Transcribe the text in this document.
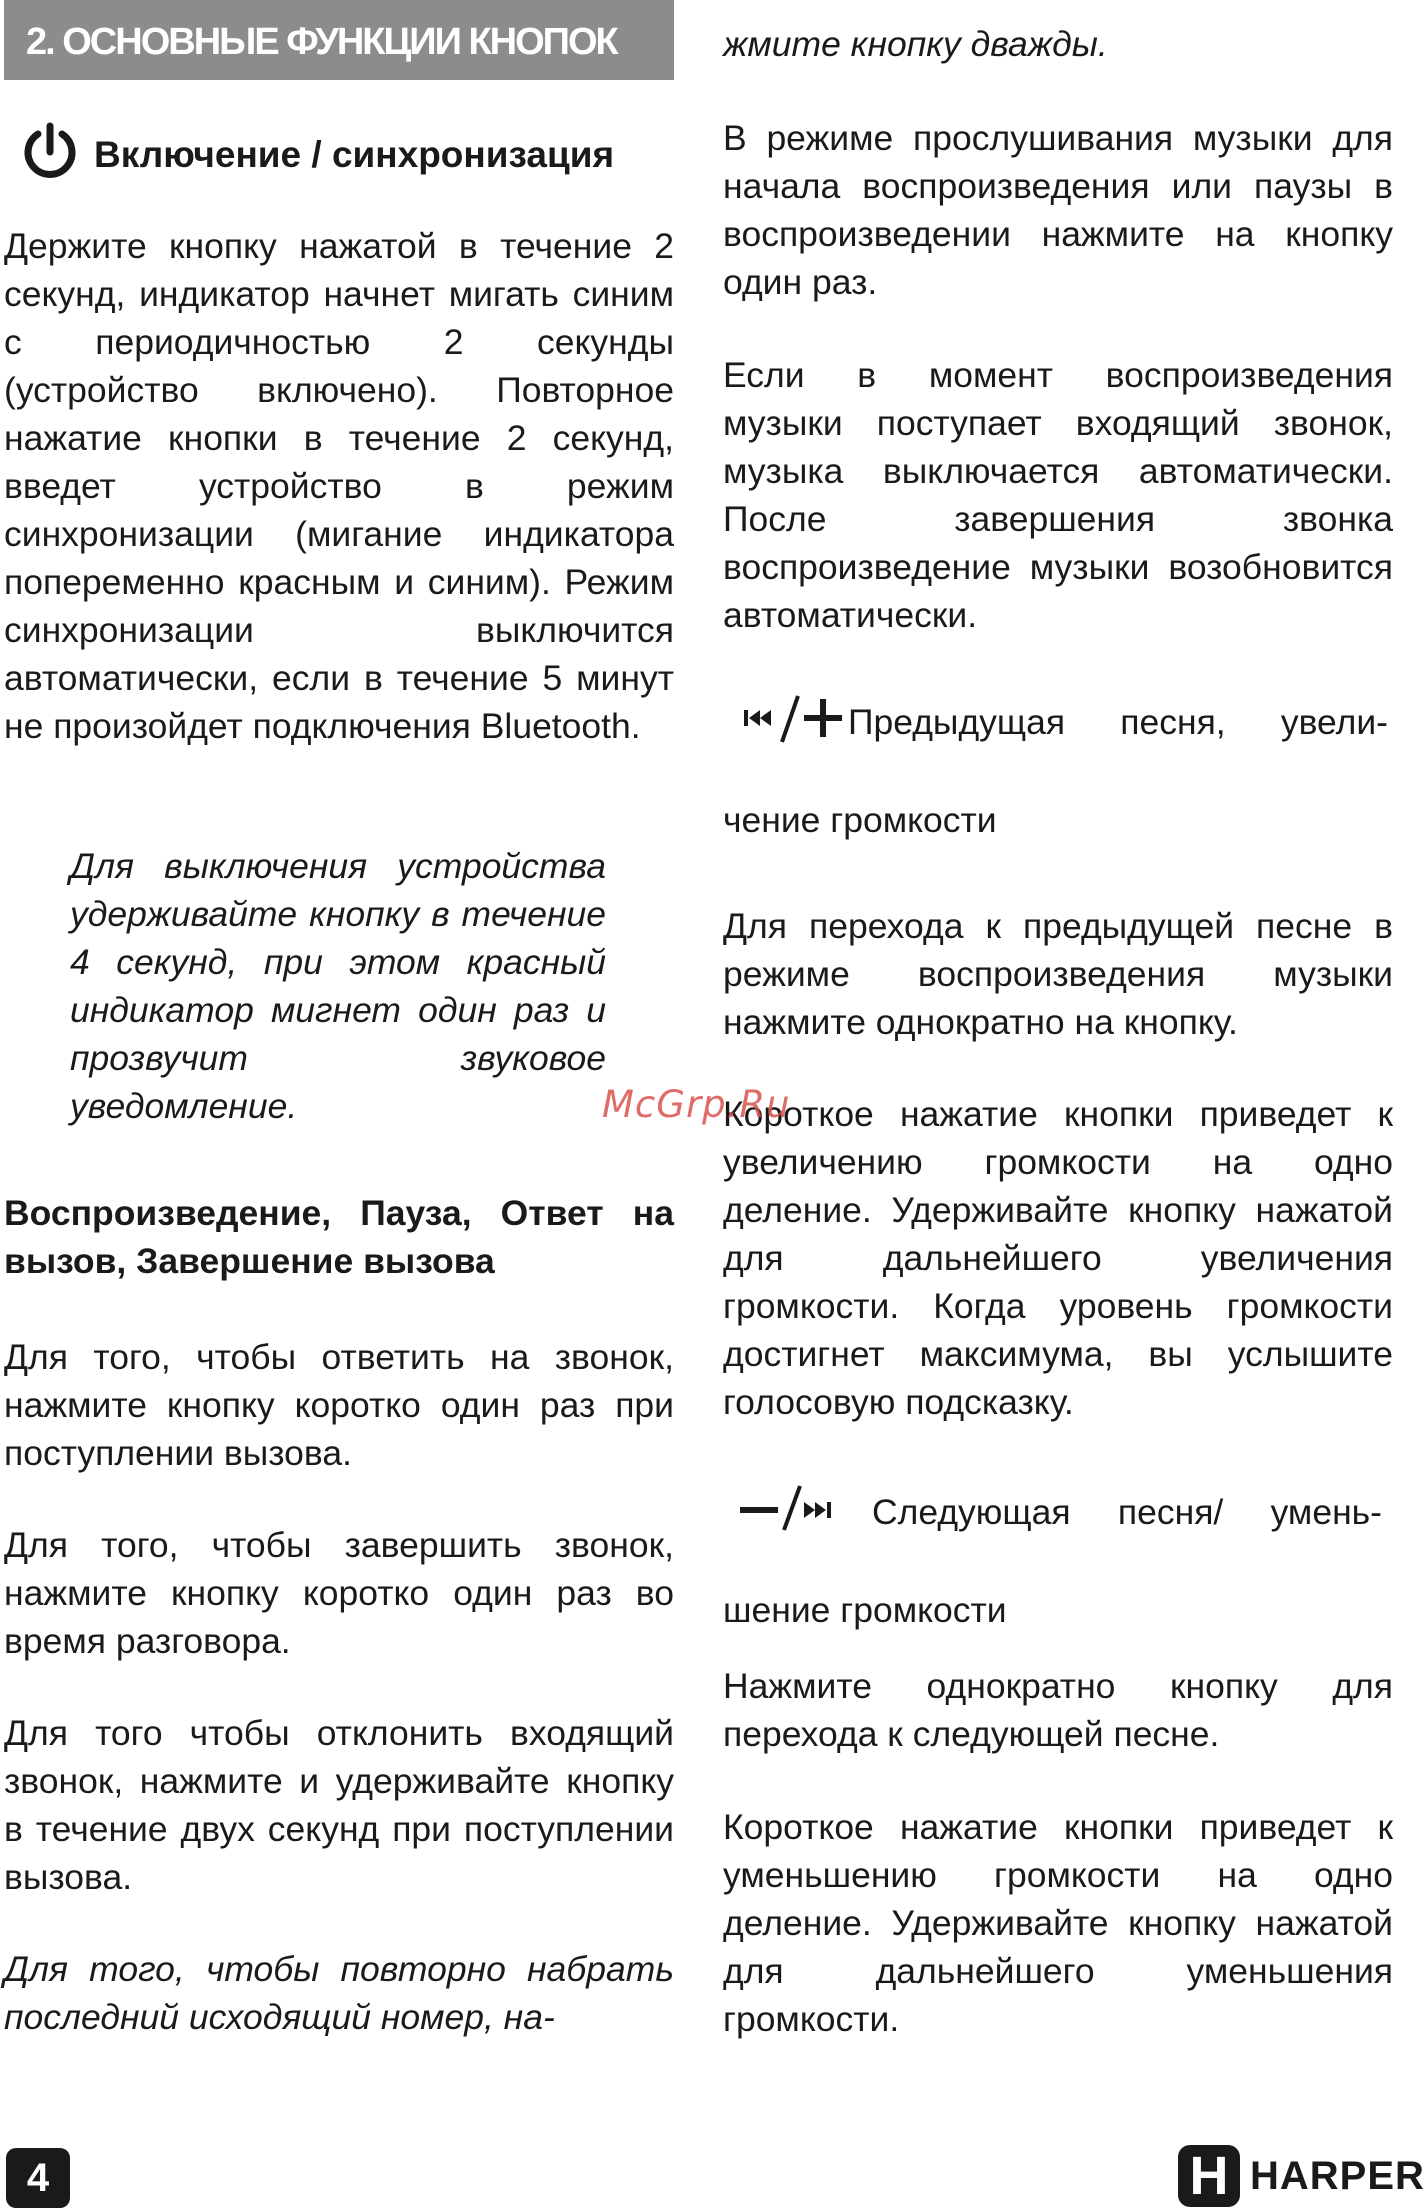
2. ОСНОВНЫЕ ФУНКЦИИ КНОПОК
Включение / синхронизация

Держите кнопку нажатой в течение 2 секунд, индикатор начнет мигать синим с периодичностью 2 секунды (устройство включено). Повторное нажатие кнопки в течение 2 секунд, введет устройство в режим синхронизации (мигание индикатора попеременно красным и синим). Режим синхронизации выключится автоматически, если в течение 5 минут не произойдет подключения Bluetooth.

Для выключения устройства удерживайте кнопку в течение 4 секунд, при этом красный индикатор мигнет один раз и прозвучит звуковое уведомление.

Воспроизведение, Пауза, Ответ на вызов, Завершение вызова

Для того, чтобы ответить на звонок, нажмите кнопку коротко один раз при поступлении вызова.

Для того, чтобы завершить звонок, нажмите кнопку коротко один раз во время разговора.

Для того чтобы отклонить входящий звонок, нажмите и удерживайте кнопку в течение двух секунд при поступлении вызова.

Для того, чтобы повторно набрать последний исходящий номер, на-

жмите кнопку дважды.

В режиме прослушивания музыки для начала воспроизведения или паузы в воспроизведении нажмите на кнопку один раз.

Если в момент воспроизведения музыки поступает входящий звонок, музыка выключается автоматически. После завершения звонка воспроизведение музыки возобновится автоматически.

Предыдущая песня, увели-

чение громкости

Для перехода к предыдущей песне в режиме воспроизведения музыки нажмите однократно на кнопку.

Короткое нажатие кнопки приведет к увеличению громкости на одно деление. Удерживайте кнопку нажатой для дальнейшего увеличения громкости. Когда уровень громкости достигнет максимума, вы услышите голосовую подсказку.

Следующая песня/ умень-

шение громкости

Нажмите однократно кнопку для перехода к следующей песне.

Короткое нажатие кнопки приведет к уменьшению громкости на одно деление. Удерживайте кнопку нажатой для дальнейшего уменьшения громкости.

McGrp.Ru
4	H HARPER
